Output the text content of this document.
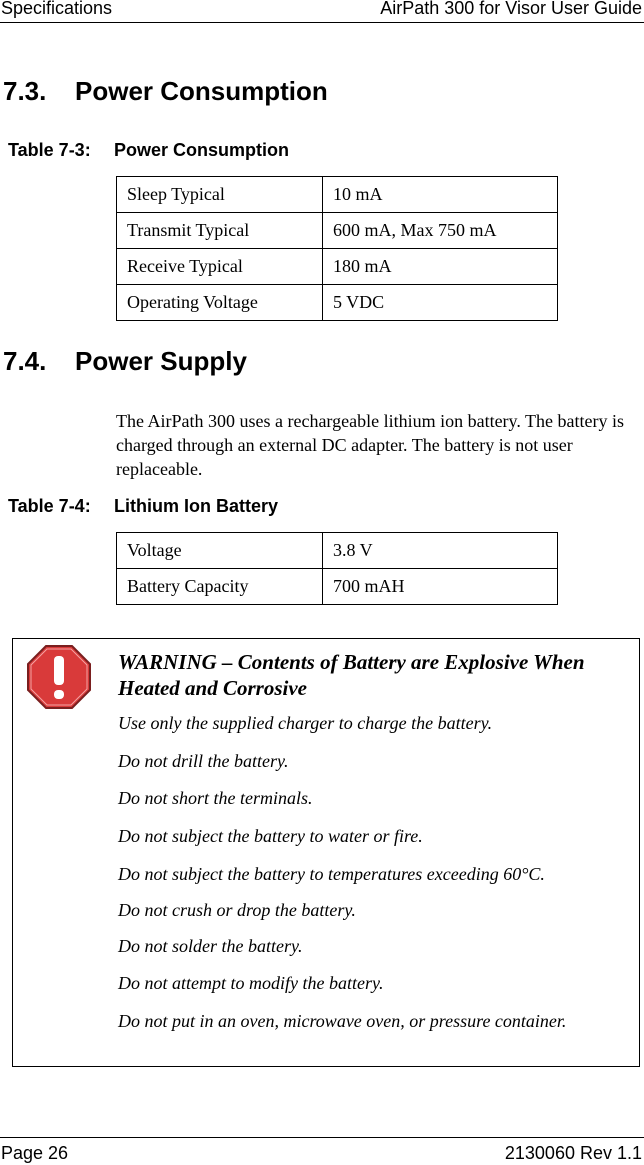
Specifications	AirPath 300 for Visor User Guide
7.3. Power Consumption
Table 7-3: Power Consumption
Sleep Typical	10 mA
Transmit Typical	600 mA, Max 750 mA
Receive Typical	180 mA
Operating Voltage	5 VDC
7.4. Power Supply
The AirPath 300 uses a rechargeable lithium ion battery. The battery is charged through an external DC adapter. The battery is not user replaceable.
Table 7-4: Lithium Ion Battery
Voltage	3.8 V
Battery Capacity	700 mAH
WARNING – Contents of Battery are Explosive When Heated and Corrosive
Use only the supplied charger to charge the battery.
Do not drill the battery.
Do not short the terminals.
Do not subject the battery to water or fire.
Do not subject the battery to temperatures exceeding 60°C.
Do not crush or drop the battery.
Do not solder the battery.
Do not attempt to modify the battery.
Do not put in an oven, microwave oven, or pressure container.
Page 26	2130060 Rev 1.1
